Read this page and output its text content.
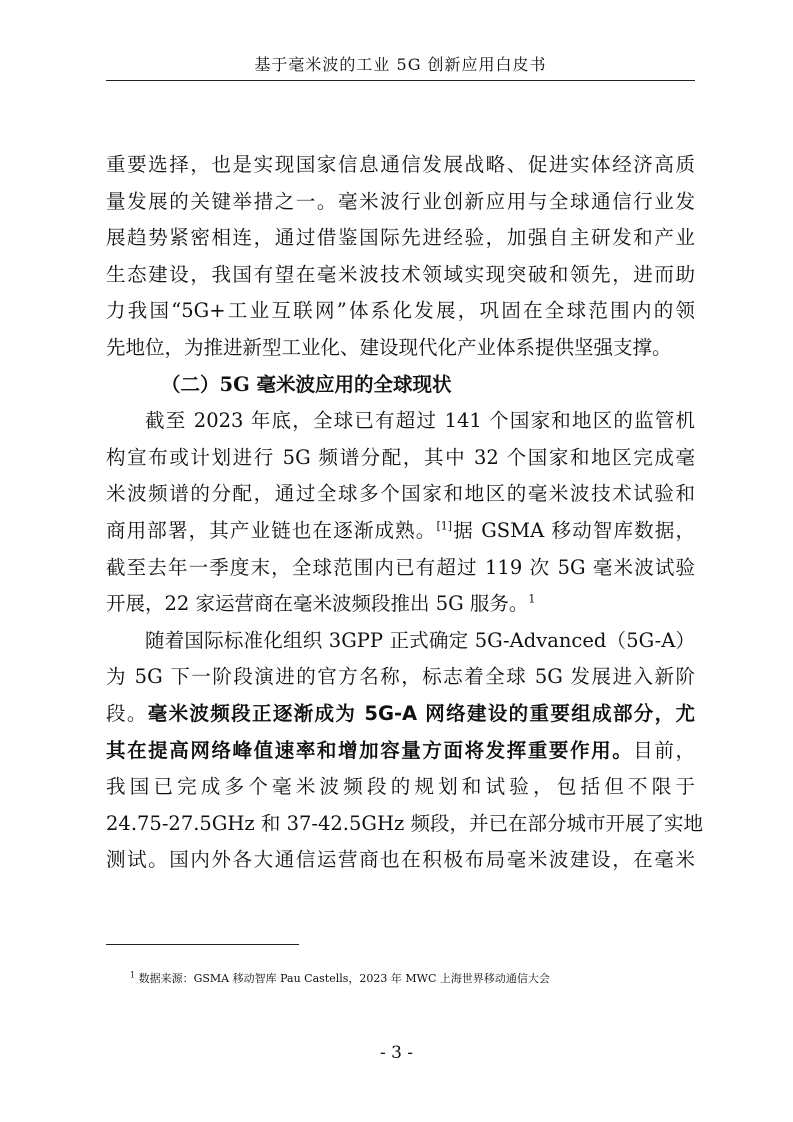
基于毫米波的工业 5G 创新应用白皮书
重要选择，也是实现国家信息通信发展战略、促进实体经济高质
量发展的关键举措之一。毫米波行业创新应用与全球通信行业发
展趋势紧密相连，通过借鉴国际先进经验，加强自主研发和产业
生态建设，我国有望在毫米波技术领域实现突破和领先，进而助
力我国“5G+工业互联网”体系化发展，巩固在全球范围内的领
先地位，为推进新型工业化、建设现代化产业体系提供坚强支撑。
（二）5G 毫米波应用的全球现状
截至 2023 年底，全球已有超过 141 个国家和地区的监管机
构宣布或计划进行 5G 频谱分配，其中 32 个国家和地区完成毫
米波频谱的分配，通过全球多个国家和地区的毫米波技术试验和
商用部署，其产业链也在逐渐成熟。[1]据 GSMA 移动智库数据，
截至去年一季度末，全球范围内已有超过 119 次 5G 毫米波试验
开展，22 家运营商在毫米波频段推出 5G 服务。$^1$
随着国际标准化组织 3GPP 正式确定 5G-Advanced（5G-A）
为 5G 下一阶段演进的官方名称，标志着全球 5G 发展进入新阶
段。毫米波频段正逐渐成为 5G-A 网络建设的重要组成部分，尤
其在提高网络峰值速率和增加容量方面将发挥重要作用。目前，
我国已完成多个毫米波频段的规划和试验，包括但不限于
24.75-27.5GHz 和 37-42.5GHz 频段，并已在部分城市开展了实地
测试。国内外各大通信运营商也在积极布局毫米波建设，在毫米
$^1$ 数据来源：GSMA 移动智库 Pau Castells，2023 年 MWC 上海世界移动通信大会
- 3 -
